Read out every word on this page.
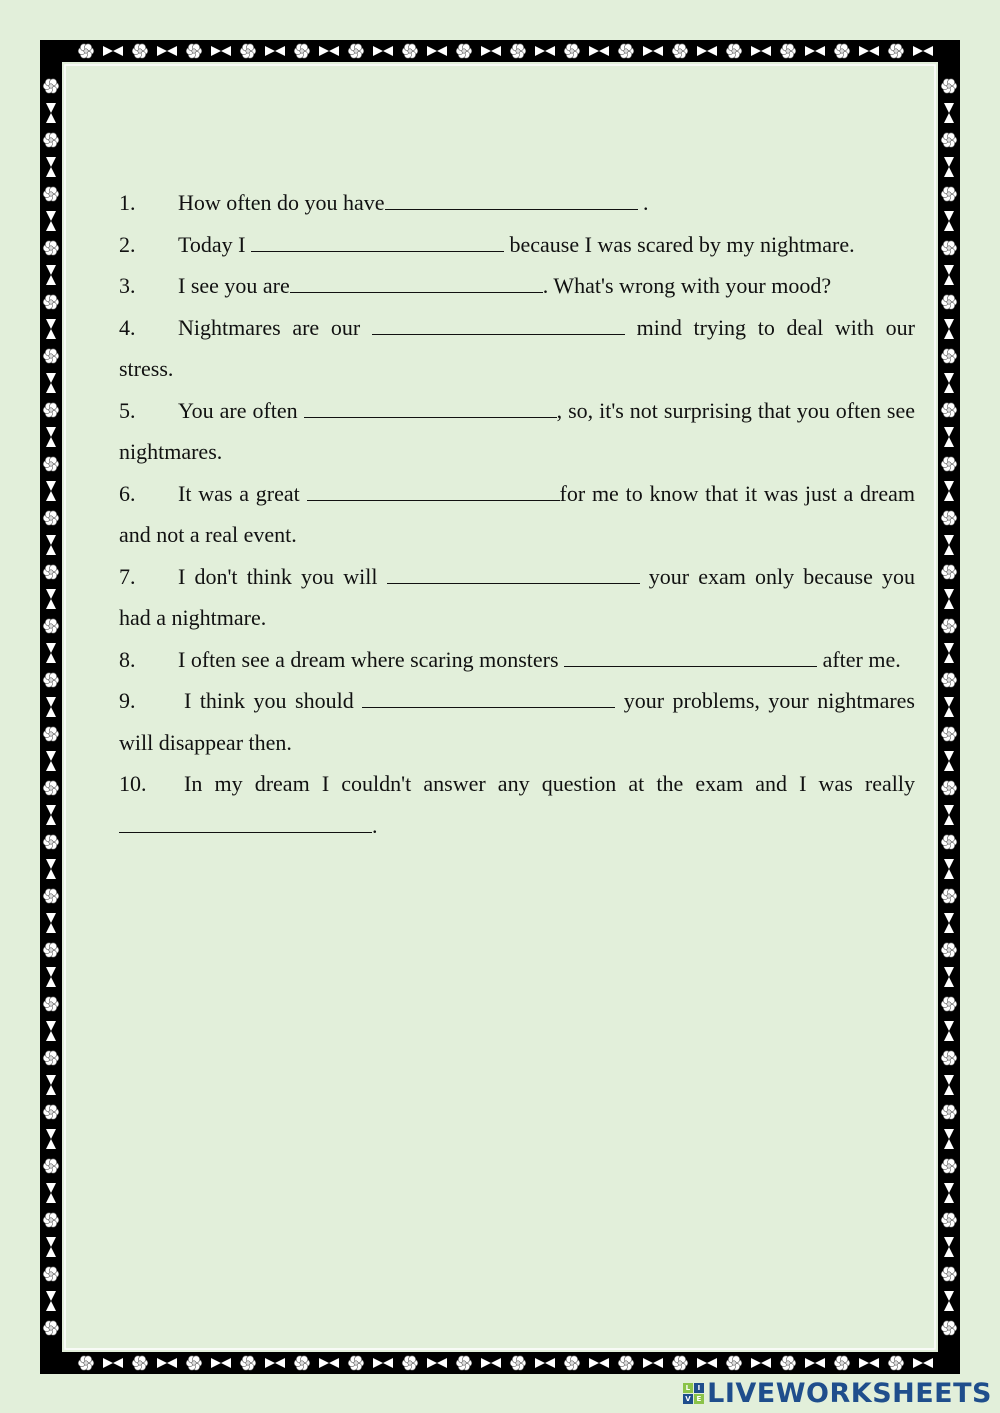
1. How often do you have	.

2. Today I	because I was scared by my nightmare.

3. I see you are	. What's wrong with your mood?

4. Nightmares are our	mind trying to deal with our stress.

5. You are often	, so, it's not surprising that you often see nightmares.

6. It was a great	for me to know that it was just a dream and not a real event.

7. I don't think you will	your exam only because you had a nightmare.

8. I often see a dream where scaring monsters	after me.

9. I think you should	your problems, your nightmares will disappear then.

10. In my dream I couldn't answer any question at the exam and I was really .

L I
V E LIVEWORKSHEETS
